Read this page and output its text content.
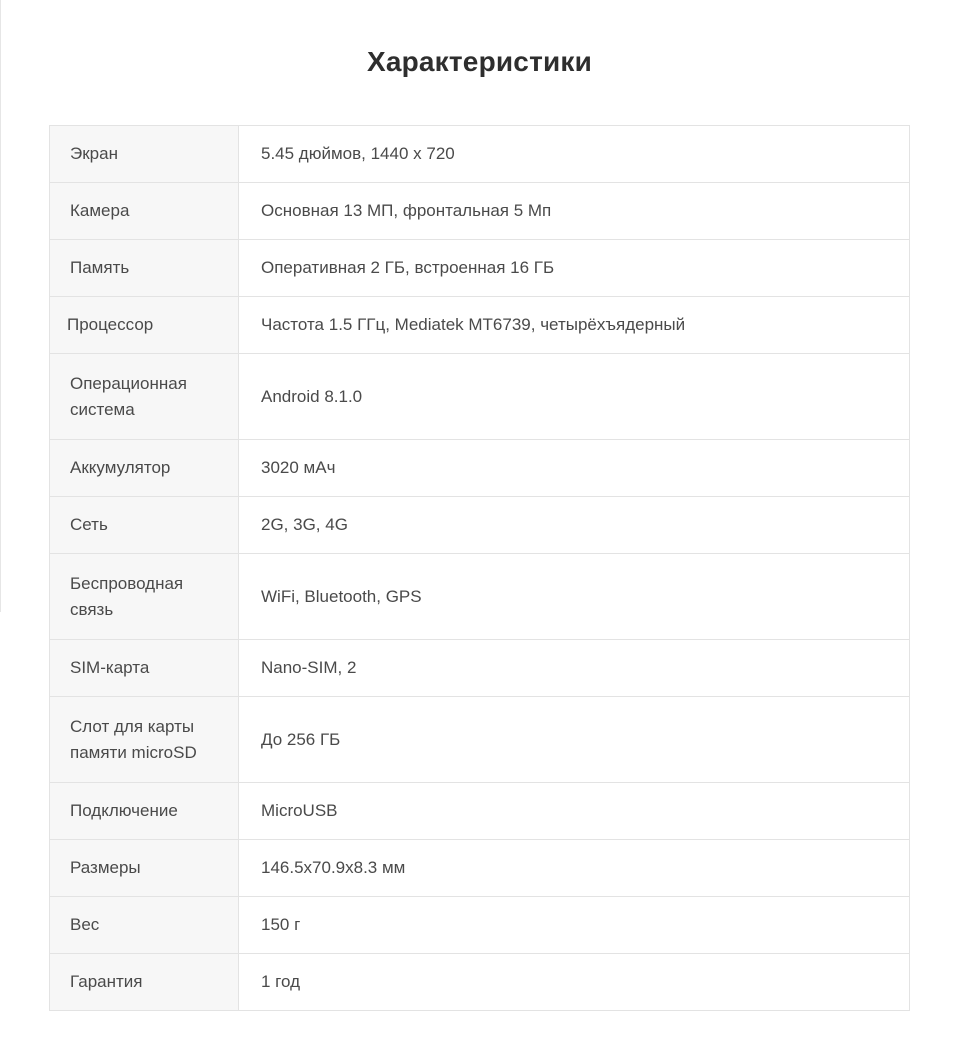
Характеристики
Экран	5.45 дюймов, 1440 x 720
Камера	Основная 13 МП, фронтальная 5 Мп
Память	Оперативная 2 ГБ, встроенная 16 ГБ
Процессор	Частота 1.5 ГГц, Mediatek MT6739, четырёхъядерный
Операционная система	Android 8.1.0
Аккумулятор	3020 мАч
Сеть	2G, 3G, 4G
Беспроводная связь	WiFi, Bluetooth, GPS
SIM-карта	Nano-SIM, 2
Слот для карты памяти microSD	До 256 ГБ
Подключение	MicroUSB
Размеры	146.5x70.9x8.3 мм
Вес	150 г
Гарантия	1 год
